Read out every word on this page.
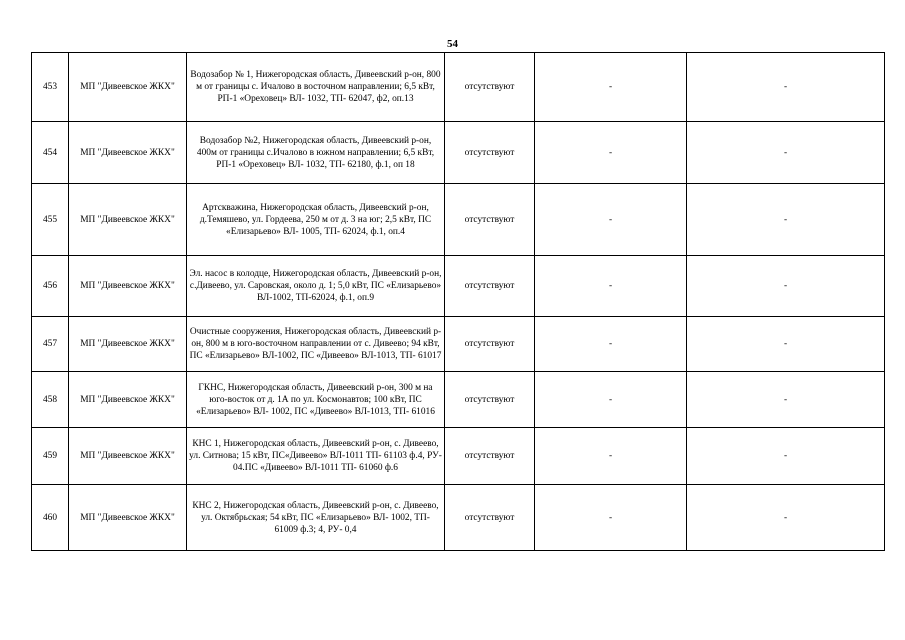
54
453	МП "Дивеевское ЖКХ"	Водозабор № 1, Нижегородская область, Дивеевский р-он, 800 м от границы с. Ичалово в восточном направлении; 6,5 кВт, РП-1 «Ореховец» ВЛ- 1032, ТП- 62047, ф2, оп.13	отсутствуют	-	-
454	МП "Дивеевское ЖКХ"	Водозабор №2, Нижегородская область, Дивеевский р-он, 400м от границы с.Ичалово в южном направлении; 6,5 кВт, РП-1 «Ореховец» ВЛ- 1032, ТП- 62180, ф.1, оп 18	отсутствуют	-	-
455	МП "Дивеевское ЖКХ"	Артскважина, Нижегородская область, Дивеевский р-он, д.Темяшево, ул. Гордеева, 250 м от д. 3 на юг; 2,5 кВт, ПС «Елизарьево» ВЛ- 1005, ТП- 62024, ф.1, оп.4	отсутствуют	-	-
456	МП "Дивеевское ЖКХ"	Эл. насос в колодце, Нижегородская область, Дивеевский р-он, с.Дивеево, ул. Саровская, около д. 1; 5,0 кВт, ПС «Елизарьево» ВЛ-1002, ТП-62024, ф.1, оп.9	отсутствуют	-	-
457	МП "Дивеевское ЖКХ"	Очистные сооружения, Нижегородская область, Дивеевский р-он, 800 м в юго-восточном направлении от с. Дивеево; 94 кВт, ПС «Елизарьево» ВЛ-1002, ПС «Дивеево» ВЛ-1013, ТП- 61017	отсутствуют	-	-
458	МП "Дивеевское ЖКХ"	ГКНС, Нижегородская область, Дивеевский р-он, 300 м на юго-восток от д. 1А по ул. Космонавтов; 100 кВт, ПС «Елизарьево» ВЛ- 1002, ПС «Дивеево» ВЛ-1013, ТП- 61016	отсутствуют	-	-
459	МП "Дивеевское ЖКХ"	КНС 1, Нижегородская область, Дивеевский р-он, с. Дивеево, ул. Ситнова; 15 кВт, ПС«Дивеево» ВЛ-1011 ТП- 61103 ф.4, РУ- 04.ПС «Дивеево» ВЛ-1011 ТП- 61060 ф.6	отсутствуют	-	-
460	МП "Дивеевское ЖКХ"	КНС 2, Нижегородская область, Дивеевский р-он, с. Дивеево, ул. Октябрьская; 54 кВт, ПС «Елизарьево» ВЛ- 1002, ТП- 61009 ф.3; 4, РУ- 0,4	отсутствуют	-	-
